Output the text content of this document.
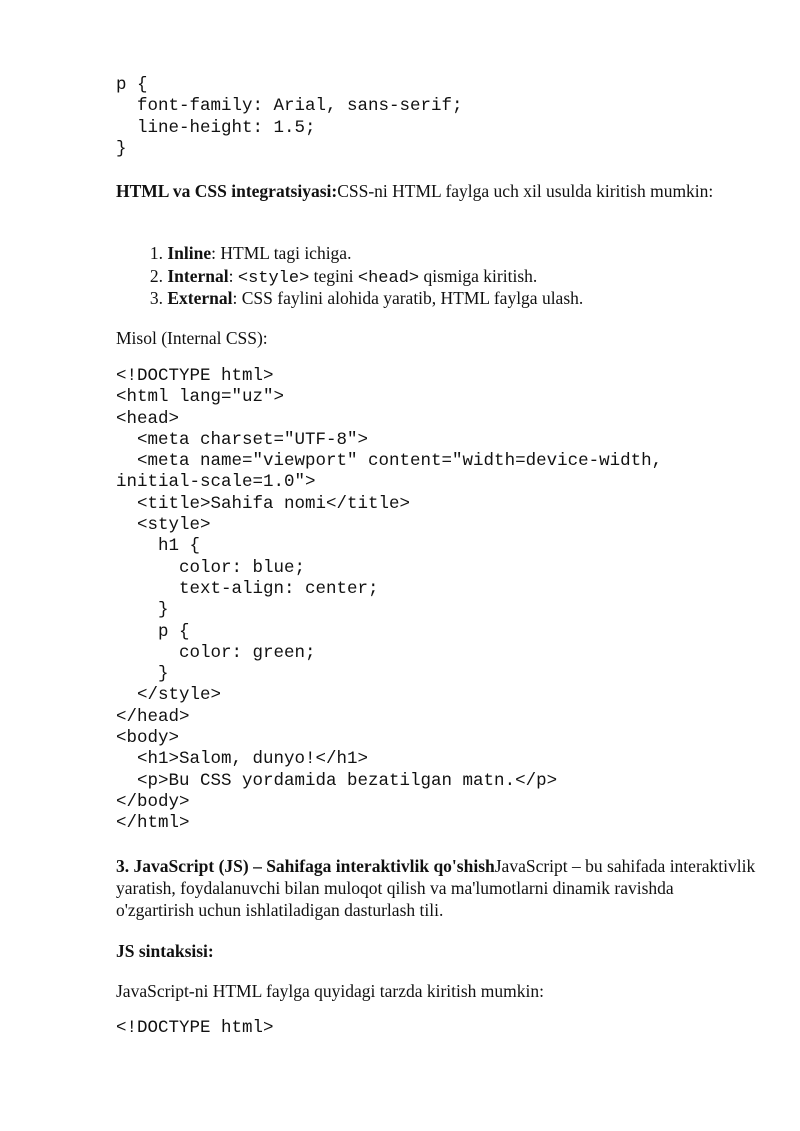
p {
font-family: Arial, sans-serif;
line-height: 1.5;
}

HTML va CSS integratsiyasi:CSS-ni HTML faylga uch xil usulda kiritish mumkin:

1. Inline: HTML tagi ichiga.
2. Internal: <style> tegini <head> qismiga kiritish.
3. External: CSS faylini alohida yaratib, HTML faylga ulash.

Misol (Internal CSS):

<!DOCTYPE html>
<html lang="uz">
<head>
<meta charset="UTF-8">
<meta name="viewport" content="width=device-width,
initial-scale=1.0">
<title>Sahifa nomi</title>
<style>
h1 {
color: blue;
text-align: center;
}
p {
color: green;
}
</style>
</head>
<body>
<h1>Salom, dunyo!</h1>
<p>Bu CSS yordamida bezatilgan matn.</p>
</body>
</html>

3. JavaScript (JS) – Sahifaga interaktivlik qo'shishJavaScript – bu sahifada interaktivlik yaratish, foydalanuvchi bilan muloqot qilish va ma'lumotlarni dinamik ravishda o'zgartirish uchun ishlatiladigan dasturlash tili.

JS sintaksisi:

JavaScript-ni HTML faylga quyidagi tarzda kiritish mumkin:

<!DOCTYPE html>
